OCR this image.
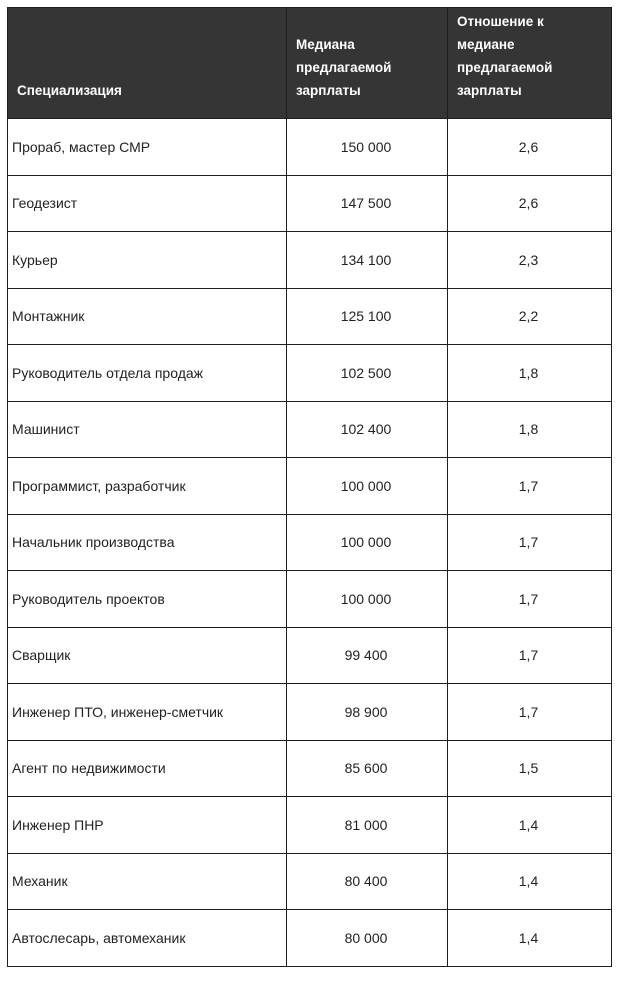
Специализация	Медиана предлагаемой зарплаты	Отношение к медиане предлагаемой зарплаты
Прораб, мастер СМР	150 000	2,6
Геодезист	147 500	2,6
Курьер	134 100	2,3
Монтажник	125 100	2,2
Руководитель отдела продаж	102 500	1,8
Машинист	102 400	1,8
Программист, разработчик	100 000	1,7
Начальник производства	100 000	1,7
Руководитель проектов	100 000	1,7
Сварщик	99 400	1,7
Инженер ПТО, инженер-сметчик	98 900	1,7
Агент по недвижимости	85 600	1,5
Инженер ПНР	81 000	1,4
Механик	80 400	1,4
Автослесарь, автомеханик	80 000	1,4
